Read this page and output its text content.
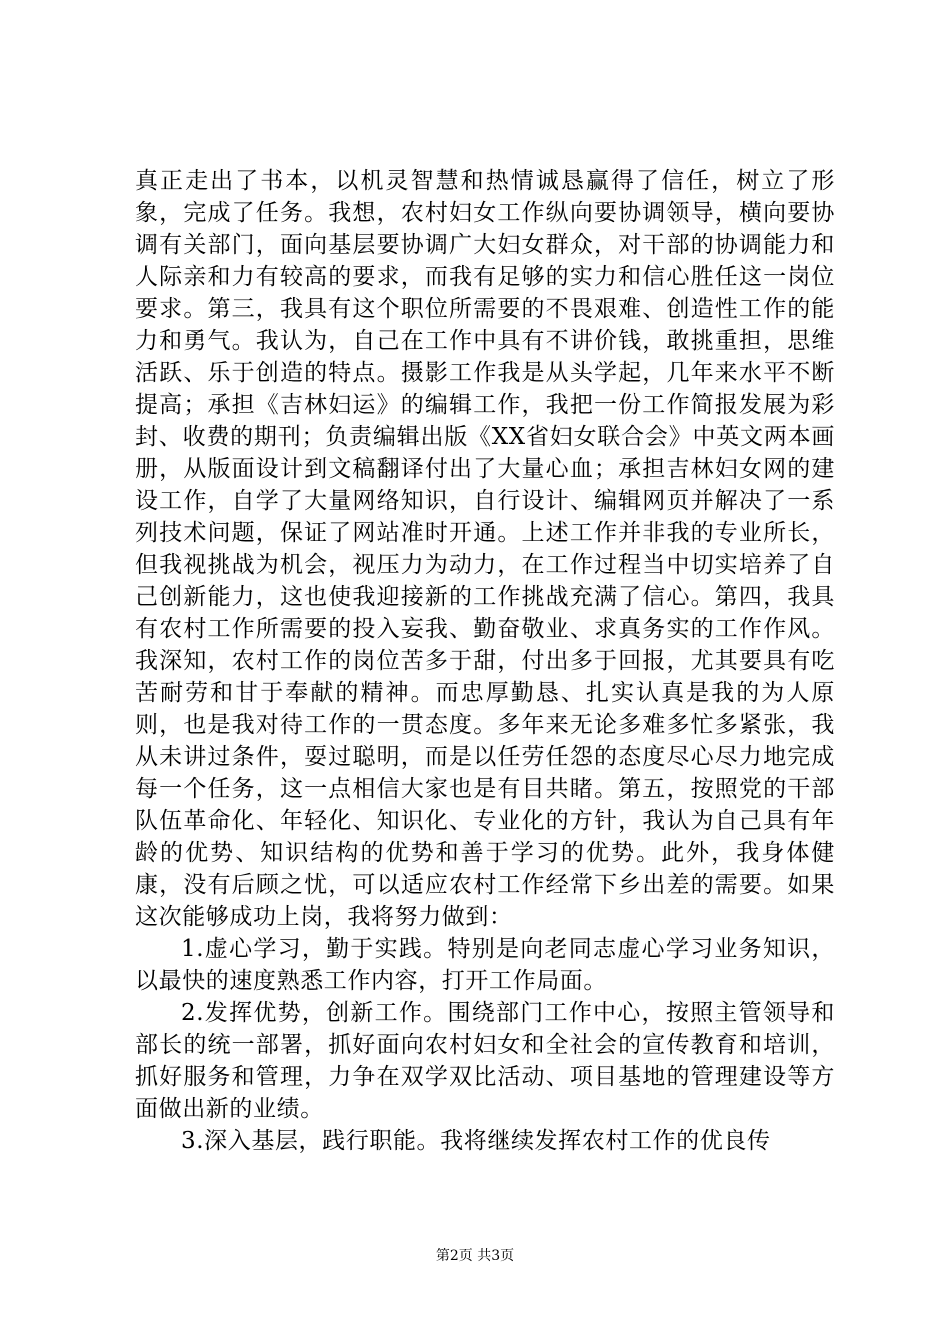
真正走出了书本，以机灵智慧和热情诚恳赢得了信任，树立了形象，完成了任务。我想，农村妇女工作纵向要协调领导，横向要协调有关部门，面向基层要协调广大妇女群众，对干部的协调能力和人际亲和力有较高的要求，而我有足够的实力和信心胜任这一岗位要求。第三，我具有这个职位所需要的不畏艰难、创造性工作的能力和勇气。我认为，自己在工作中具有不讲价钱，敢挑重担，思维活跃、乐于创造的特点。摄影工作我是从头学起，几年来水平不断提高；承担《吉林妇运》的编辑工作，我把一份工作简报发展为彩封、收费的期刊；负责编辑出版《XX省妇女联合会》中英文两本画册，从版面设计到文稿翻译付出了大量心血；承担吉林妇女网的建设工作，自学了大量网络知识，自行设计、编辑网页并解决了一系列技术问题，保证了网站准时开通。上述工作并非我的专业所长，但我视挑战为机会，视压力为动力，在工作过程当中切实培养了自己创新能力，这也使我迎接新的工作挑战充满了信心。第四，我具有农村工作所需要的投入妄我、勤奋敬业、求真务实的工作作风。我深知，农村工作的岗位苦多于甜，付出多于回报，尤其要具有吃苦耐劳和甘于奉献的精神。而忠厚勤恳、扎实认真是我的为人原则，也是我对待工作的一贯态度。多年来无论多难多忙多紧张，我从未讲过条件，耍过聪明，而是以任劳任怨的态度尽心尽力地完成每一个任务，这一点相信大家也是有目共睹。第五，按照党的干部队伍革命化、年轻化、知识化、专业化的方针，我认为自己具有年龄的优势、知识结构的优势和善于学习的优势。此外，我身体健康，没有后顾之忧，可以适应农村工作经常下乡出差的需要。如果这次能够成功上岗，我将努力做到：

1.虚心学习，勤于实践。特别是向老同志虚心学习业务知识，以最快的速度熟悉工作内容，打开工作局面。

2.发挥优势，创新工作。围绕部门工作中心，按照主管领导和部长的统一部署，抓好面向农村妇女和全社会的宣传教育和培训，抓好服务和管理，力争在双学双比活动、项目基地的管理建设等方面做出新的业绩。

3.深入基层，践行职能。我将继续发挥农村工作的优良传

第2页 共3页
